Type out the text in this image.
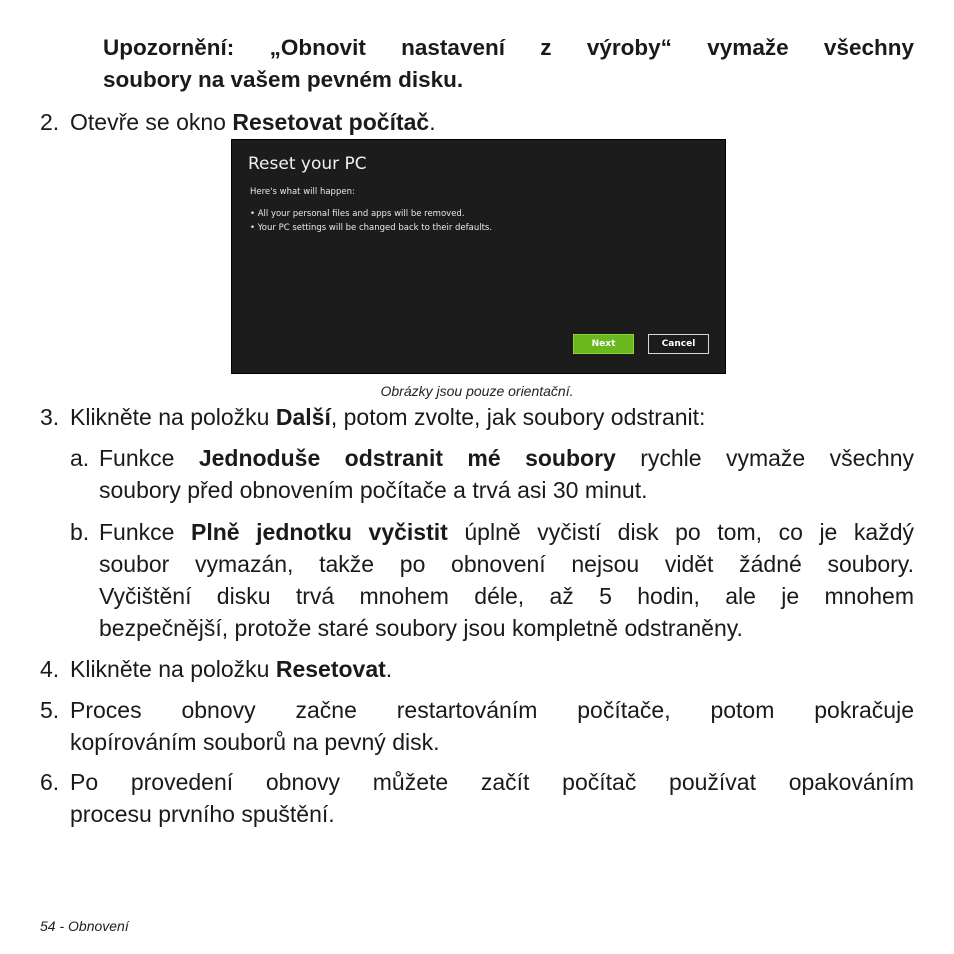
Upozornění: „Obnovit nastavení z výroby“ vymaže všechny
soubory na vašem pevném disku.
2. Otevře se okno Resetovat počítač.
Reset your PC
Here's what will happen:
• All your personal files and apps will be removed.
• Your PC settings will be changed back to their defaults.
Next	Cancel
Obrázky jsou pouze orientační.
3. Klikněte na položku Další, potom zvolte, jak soubory odstranit:
a. Funkce Jednoduše odstranit mé soubory rychle vymaže všechny
soubory před obnovením počítače a trvá asi 30 minut.
b. Funkce Plně jednotku vyčistit úplně vyčistí disk po tom, co je každý
soubor vymazán, takže po obnovení nejsou vidět žádné soubory.
Vyčištění disku trvá mnohem déle, až 5 hodin, ale je mnohem
bezpečnější, protože staré soubory jsou kompletně odstraněny.
4. Klikněte na položku Resetovat.
5. Proces obnovy začne restartováním počítače, potom pokračuje
kopírováním souborů na pevný disk.
6. Po provedení obnovy můžete začít počítač používat opakováním
procesu prvního spuštění.
54 - Obnovení
